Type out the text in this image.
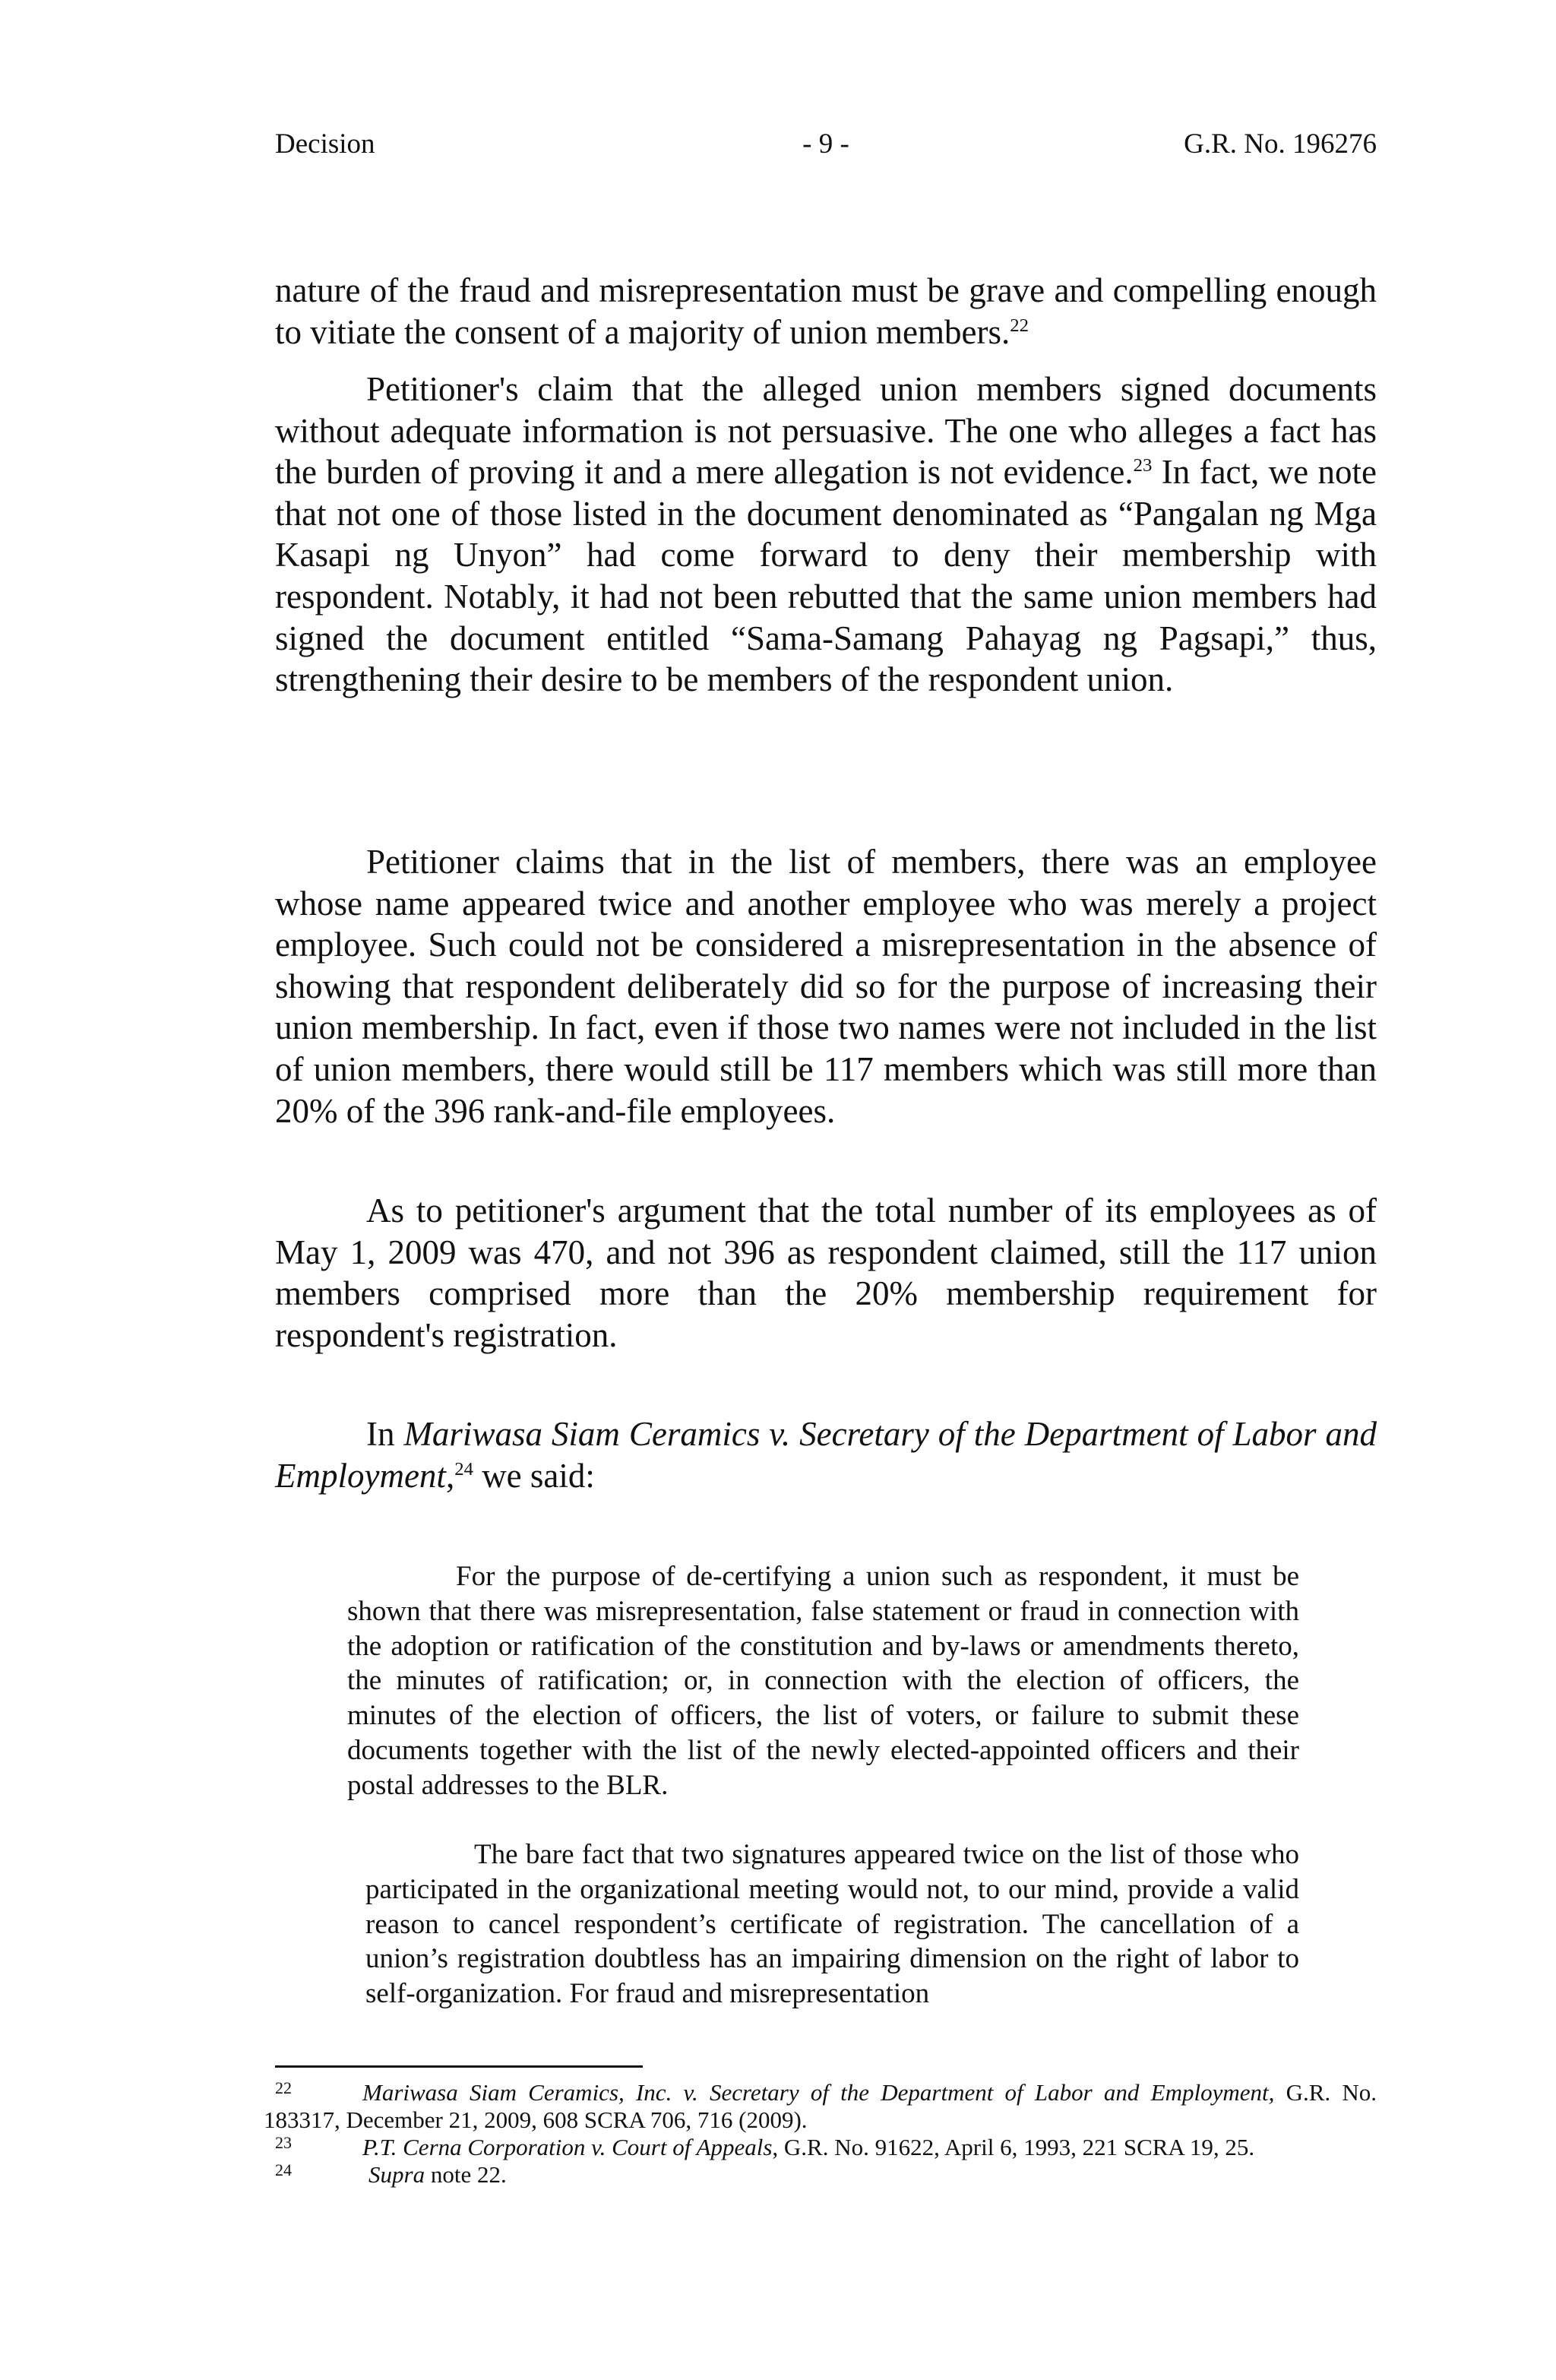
Decision	- 9 -	G.R. No. 196276

nature of the fraud and misrepresentation must be grave and compelling enough to vitiate the consent of a majority of union members.$^{22}$

Petitioner's claim that the alleged union members signed documents without adequate information is not persuasive. The one who alleges a fact has the burden of proving it and a mere allegation is not evidence.$^{23}$ In fact, we note that not one of those listed in the document denominated as “Pangalan ng Mga Kasapi ng Unyon” had come forward to deny their membership with respondent. Notably, it had not been rebutted that the same union members had signed the document entitled “Sama-Samang Pahayag ng Pagsapi,” thus, strengthening their desire to be members of the respondent union.

Petitioner claims that in the list of members, there was an employee whose name appeared twice and another employee who was merely a project employee. Such could not be considered a misrepresentation in the absence of showing that respondent deliberately did so for the purpose of increasing their union membership. In fact, even if those two names were not included in the list of union members, there would still be 117 members which was still more than 20% of the 396 rank-and-file employees.

As to petitioner's argument that the total number of its employees as of May 1, 2009 was 470, and not 396 as respondent claimed, still the 117 union members comprised more than the 20% membership requirement for respondent's registration.

In Mariwasa Siam Ceramics v. Secretary of the Department of Labor and Employment,$^{24}$ we said:

For the purpose of de-certifying a union such as respondent, it must be shown that there was misrepresentation, false statement or fraud in connection with the adoption or ratification of the constitution and by-laws or amendments thereto, the minutes of ratification; or, in connection with the election of officers, the minutes of the election of officers, the list of voters, or failure to submit these documents together with the list of the newly elected-appointed officers and their postal addresses to the BLR.

The bare fact that two signatures appeared twice on the list of those who participated in the organizational meeting would not, to our mind, provide a valid reason to cancel respondent’s certificate of registration. The cancellation of a union’s registration doubtless has an impairing dimension on the right of labor to self-organization. For fraud and misrepresentation

22	Mariwasa Siam Ceramics, Inc. v. Secretary of the Department of Labor and Employment, G.R. No.
183317, December 21, 2009, 608 SCRA 706, 716 (2009).
23	P.T. Cerna Corporation v. Court of Appeals, G.R. No. 91622, April 6, 1993, 221 SCRA 19, 25.
24	Supra note 22.
